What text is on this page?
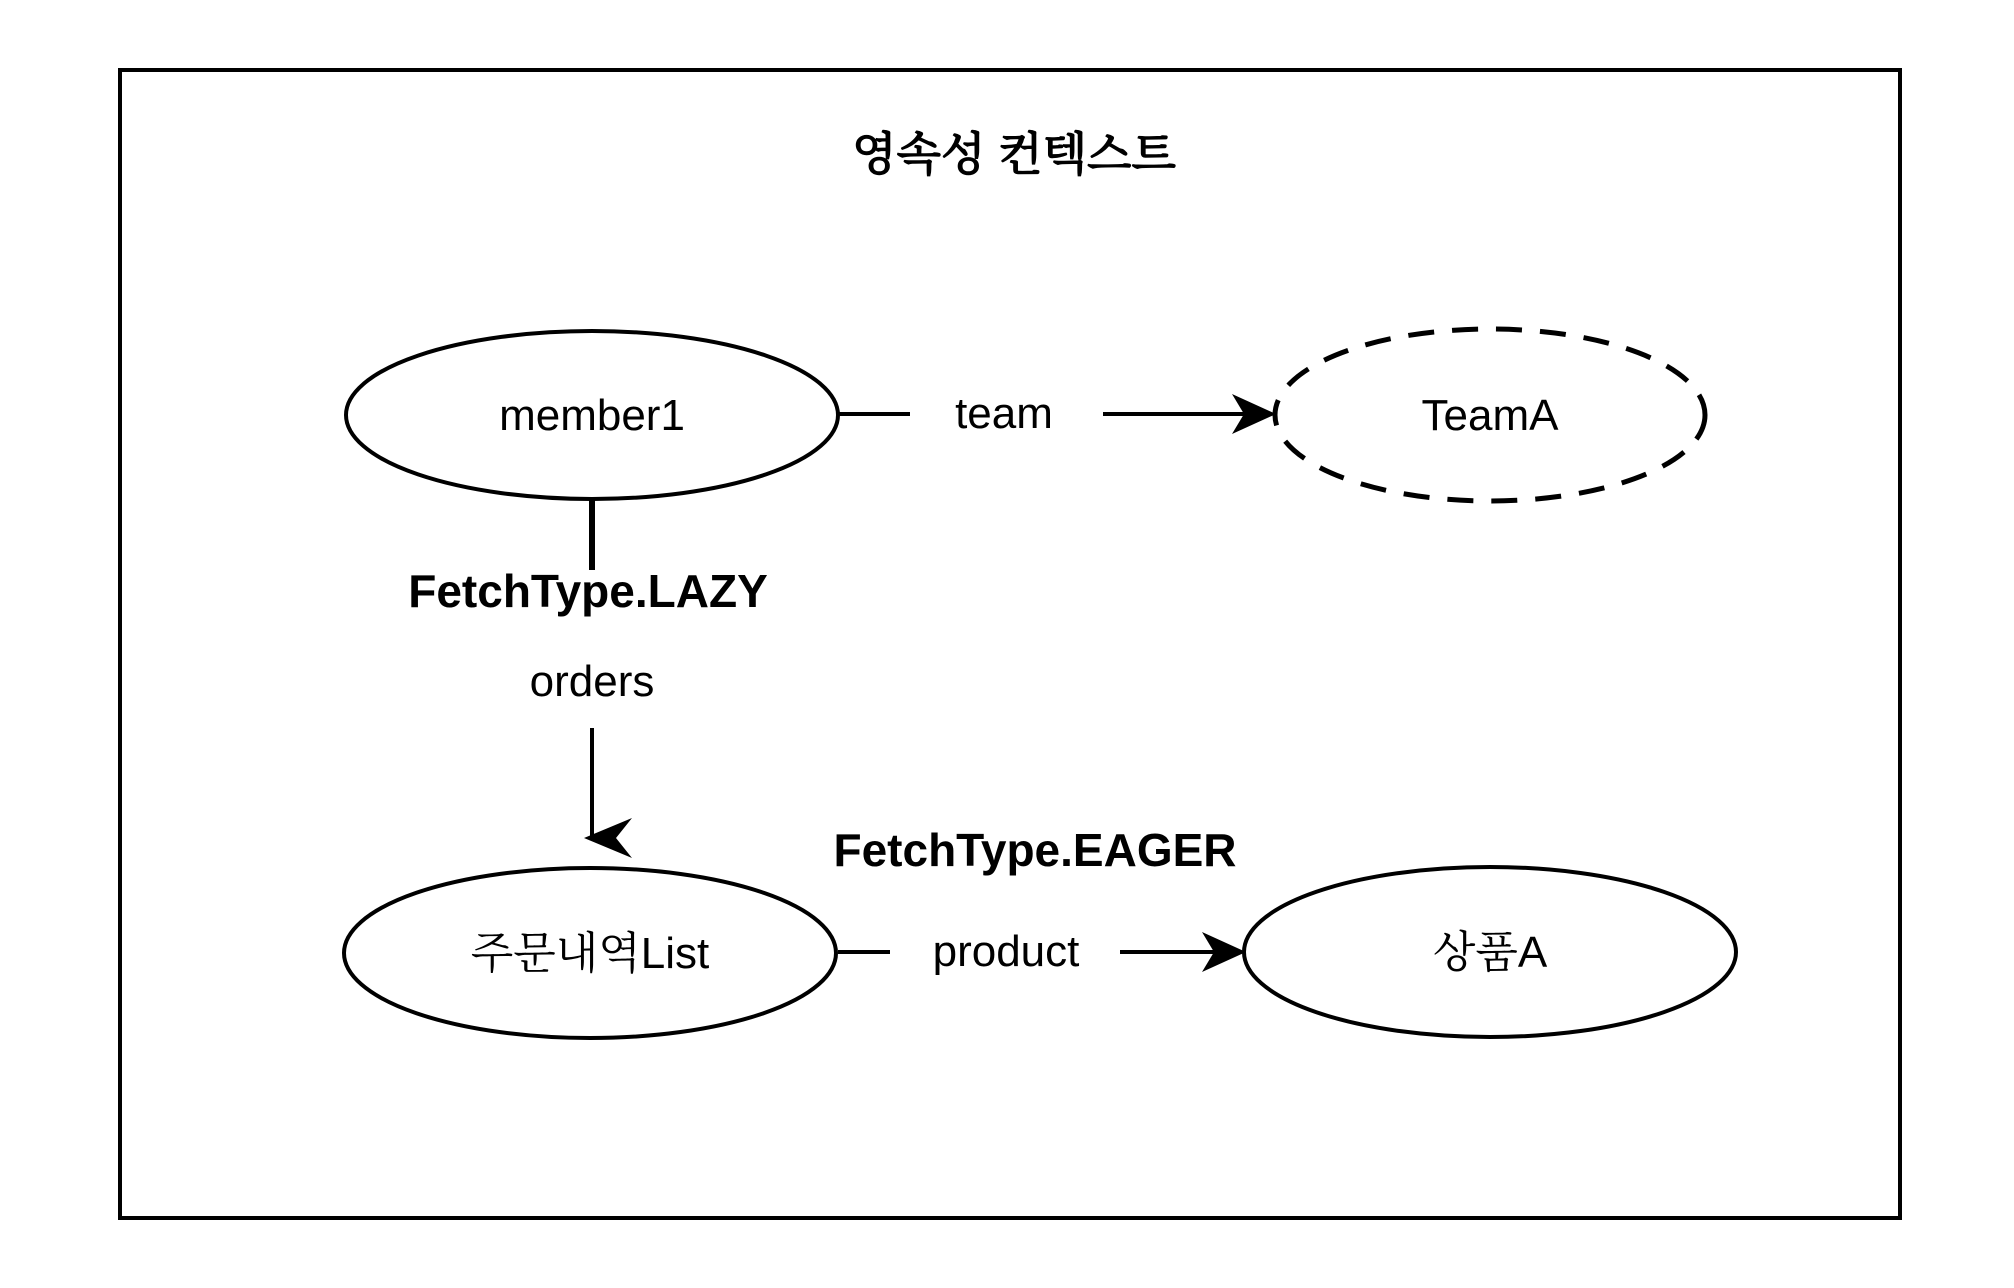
영속성 컨텍스트
member1	TeamA
team
FetchType.LAZY
orders
FetchType.EAGER
주문내역List	상품A
product
